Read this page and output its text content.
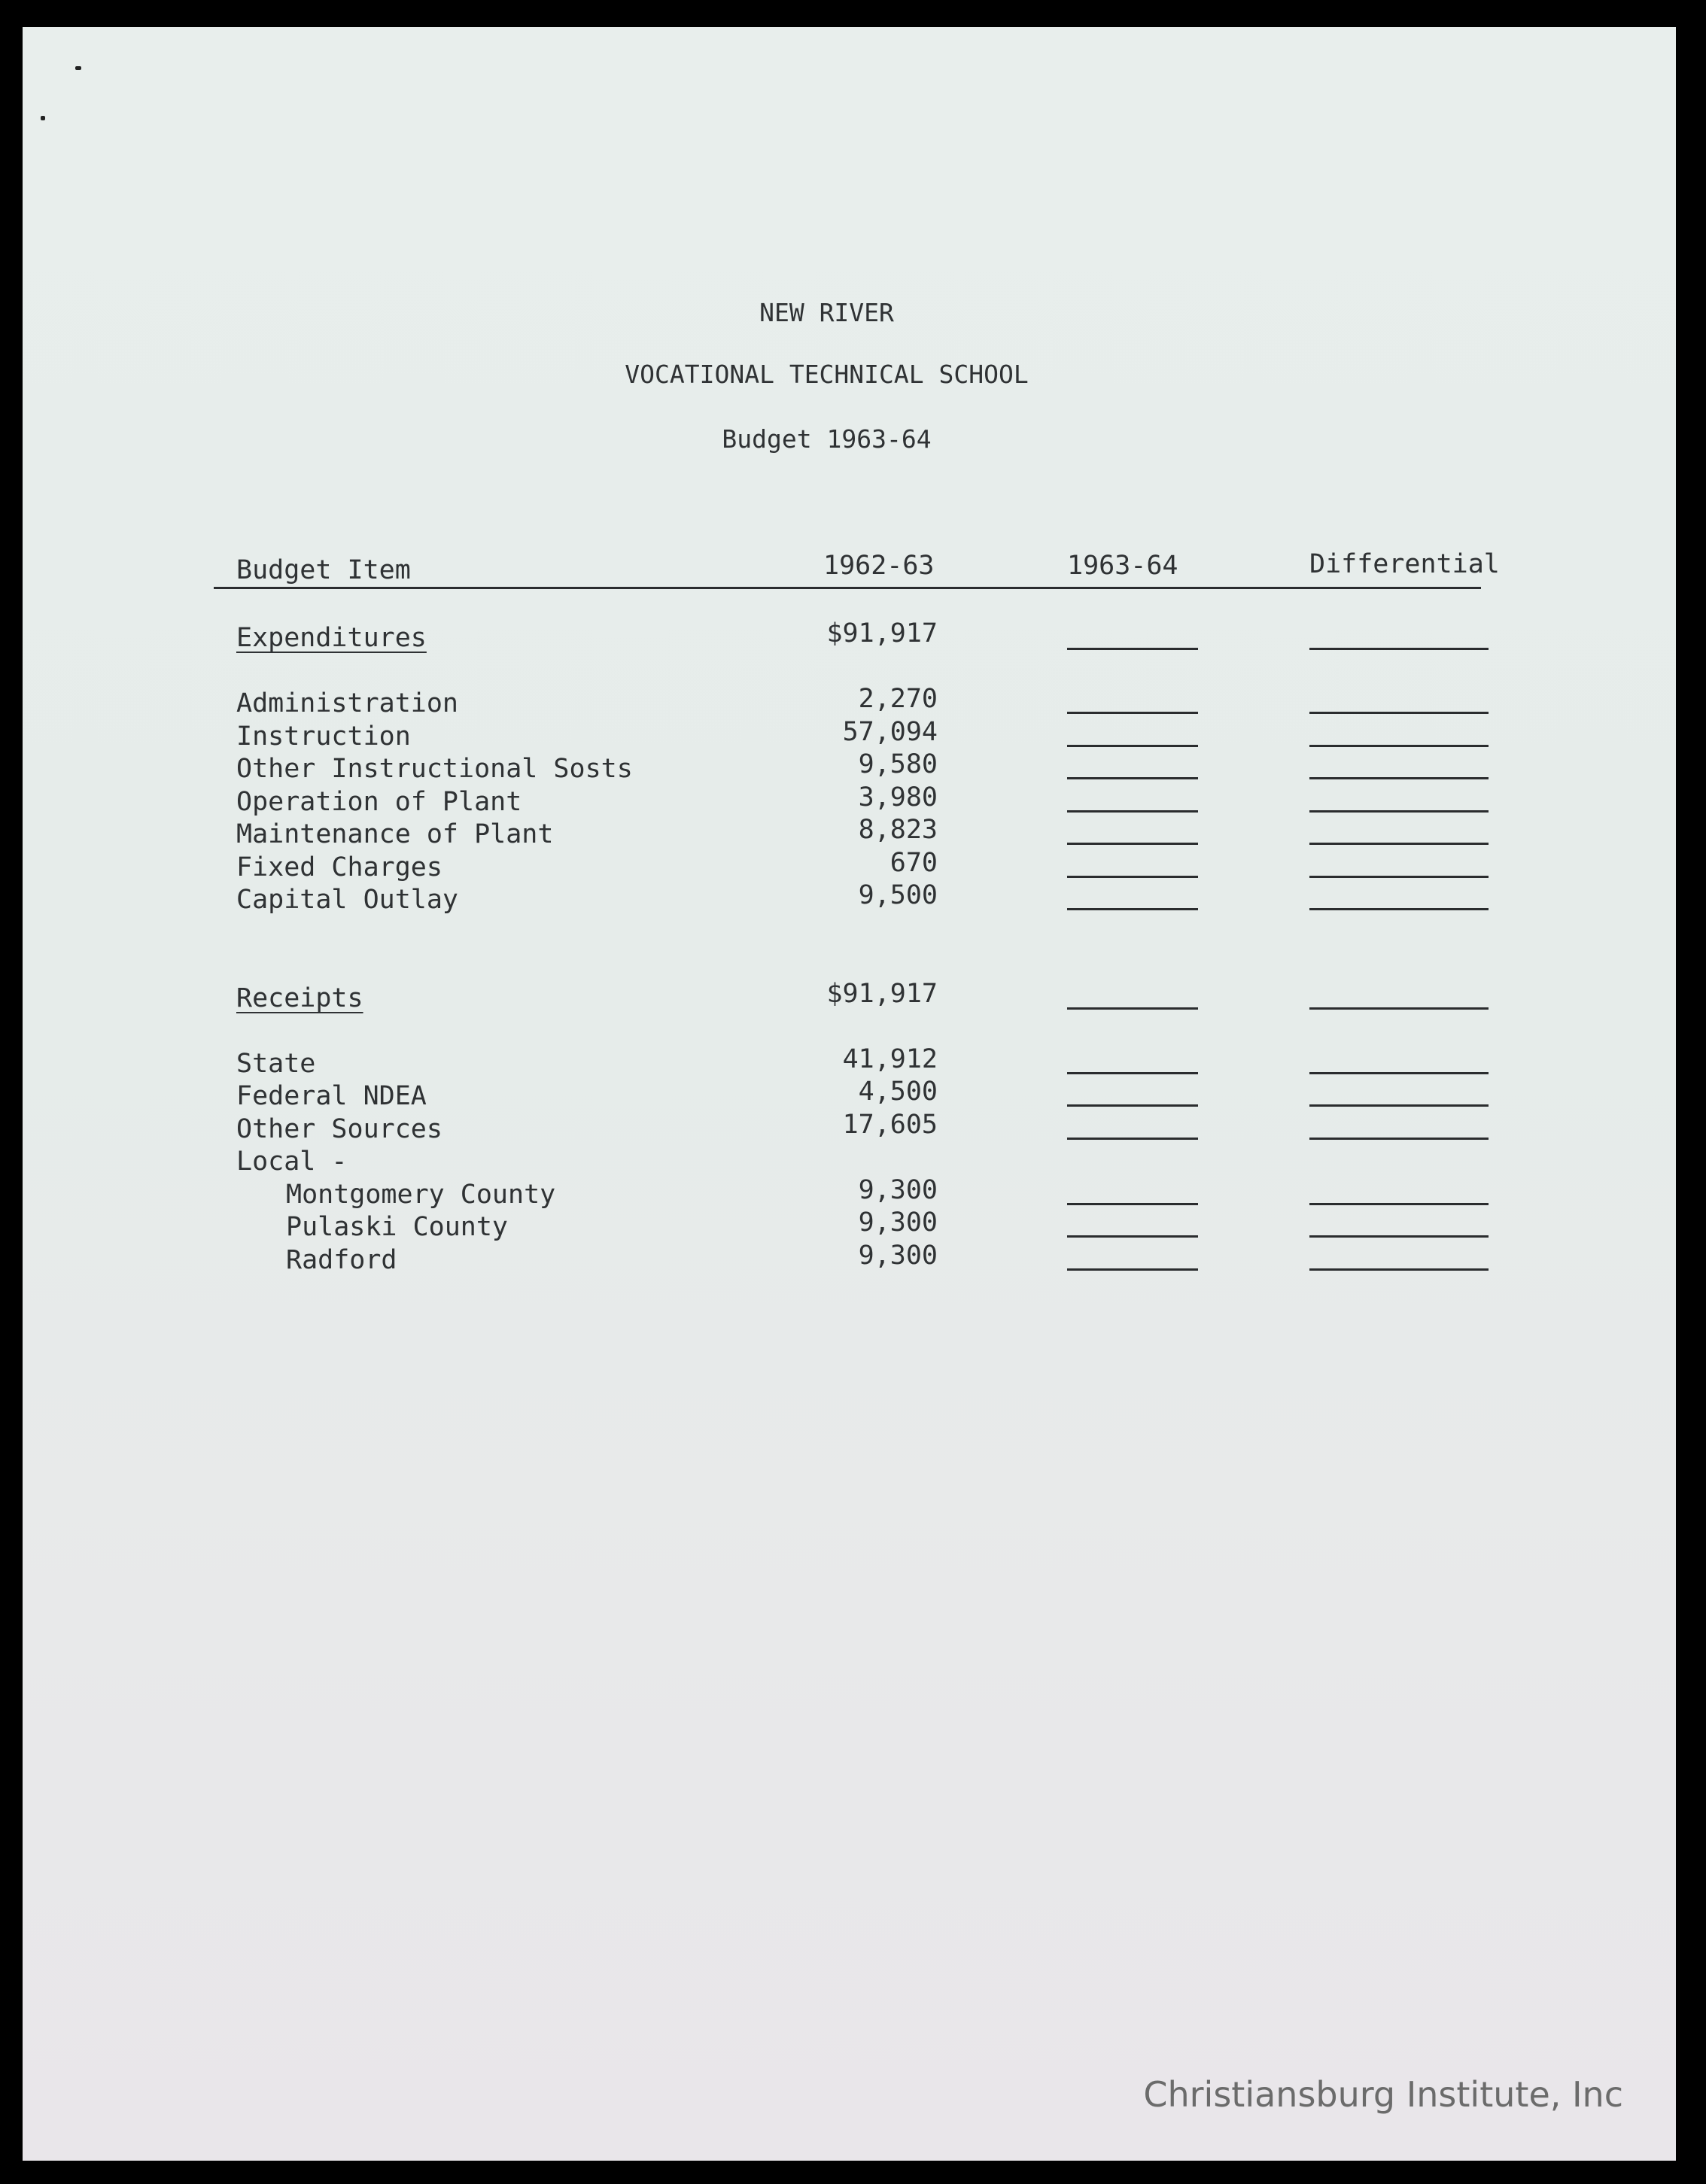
NEW RIVER
VOCATIONAL TECHNICAL SCHOOL
Budget 1963-64
Budget Item	1962-63	1963-64	Differential
Expenditures	$91,917
Administration	2,270
Instruction	57,094
Other Instructional Sosts	9,580
Operation of Plant	3,980
Maintenance of Plant	8,823
Fixed Charges	670
Capital Outlay	9,500
Receipts	$91,917
State	41,912
Federal NDEA	4,500
Other Sources	17,605
Local -
Montgomery County	9,300
Pulaski County	9,300
Radford	9,300
Christiansburg Institute, Inc
